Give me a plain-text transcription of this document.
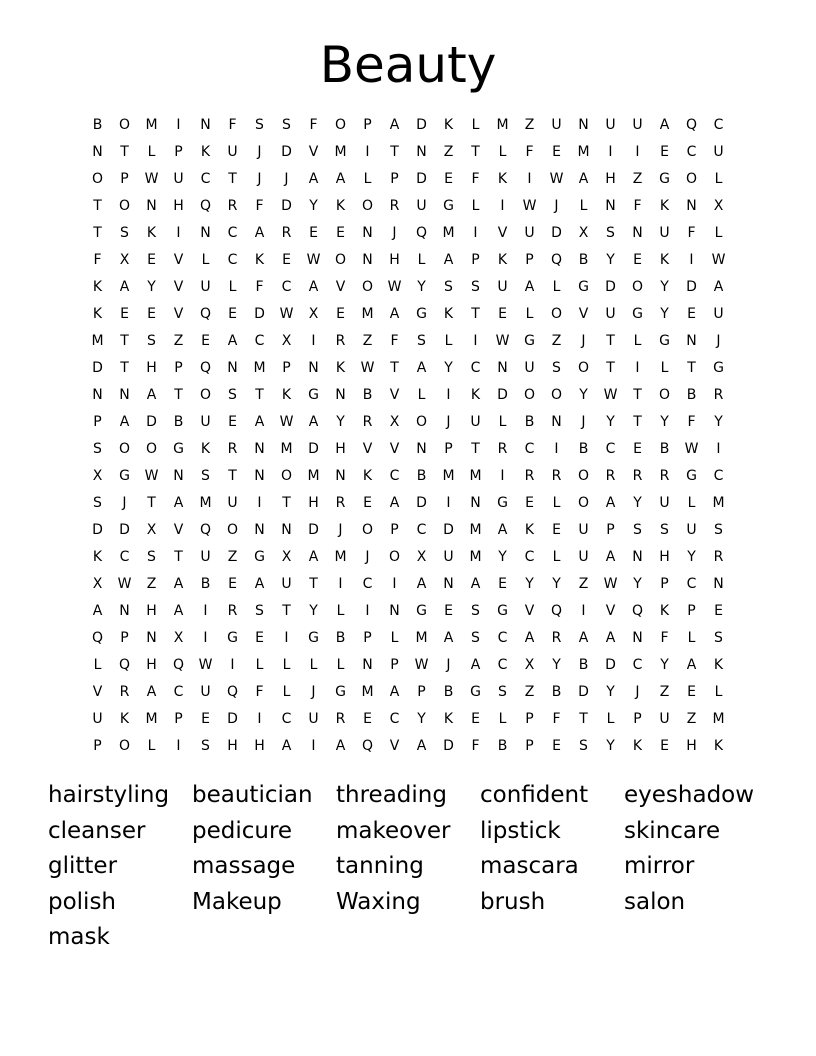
Beauty
B	O	M	I	N	F	S	S	F	O	P	A	D	K	L	M	Z	U	N	U	U	A	Q	C
N	T	L	P	K	U	J	D	V	M	I	T	N	Z	T	L	F	E	M	I	I	E	C	U
O	P	W	U	C	T	J	J	A	A	L	P	D	E	F	K	I	W	A	H	Z	G	O	L
T	O	N	H	Q	R	F	D	Y	K	O	R	U	G	L	I	W	J	L	N	F	K	N	X
T	S	K	I	N	C	A	R	E	E	N	J	Q	M	I	V	U	D	X	S	N	U	F	L
F	X	E	V	L	C	K	E	W	O	N	H	L	A	P	K	P	Q	B	Y	E	K	I	W
K	A	Y	V	U	L	F	C	A	V	O	W	Y	S	S	U	A	L	G	D	O	Y	D	A
K	E	E	V	Q	E	D	W	X	E	M	A	G	K	T	E	L	O	V	U	G	Y	E	U
M	T	S	Z	E	A	C	X	I	R	Z	F	S	L	I	W	G	Z	J	T	L	G	N	J
D	T	H	P	Q	N	M	P	N	K	W	T	A	Y	C	N	U	S	O	T	I	L	T	G
N	N	A	T	O	S	T	K	G	N	B	V	L	I	K	D	O	O	Y	W	T	O	B	R
P	A	D	B	U	E	A	W	A	Y	R	X	O	J	U	L	B	N	J	Y	T	Y	F	Y
S	O	O	G	K	R	N	M	D	H	V	V	N	P	T	R	C	I	B	C	E	B	W	I
X	G	W	N	S	T	N	O	M	N	K	C	B	M	M	I	R	R	O	R	R	R	G	C
S	J	T	A	M	U	I	T	H	R	E	A	D	I	N	G	E	L	O	A	Y	U	L	M
D	D	X	V	Q	O	N	N	D	J	O	P	C	D	M	A	K	E	U	P	S	S	U	S
K	C	S	T	U	Z	G	X	A	M	J	O	X	U	M	Y	C	L	U	A	N	H	Y	R
X	W	Z	A	B	E	A	U	T	I	C	I	A	N	A	E	Y	Y	Z	W	Y	P	C	N
A	N	H	A	I	R	S	T	Y	L	I	N	G	E	S	G	V	Q	I	V	Q	K	P	E
Q	P	N	X	I	G	E	I	G	B	P	L	M	A	S	C	A	R	A	A	N	F	L	S
L	Q	H	Q	W	I	L	L	L	L	N	P	W	J	A	C	X	Y	B	D	C	Y	A	K
V	R	A	C	U	Q	F	L	J	G	M	A	P	B	G	S	Z	B	D	Y	J	Z	E	L
U	K	M	P	E	D	I	C	U	R	E	C	Y	K	E	L	P	F	T	L	P	U	Z	M
P	O	L	I	S	H	H	A	I	A	Q	V	A	D	F	B	P	E	S	Y	K	E	H	K
hairstyling beautician	threading	confident	eyeshadow
cleanser	pedicure	makeover	lipstick	skincare
glitter	massage	tanning	mascara	mirror
polish	Makeup	Waxing	brush	salon
mask
